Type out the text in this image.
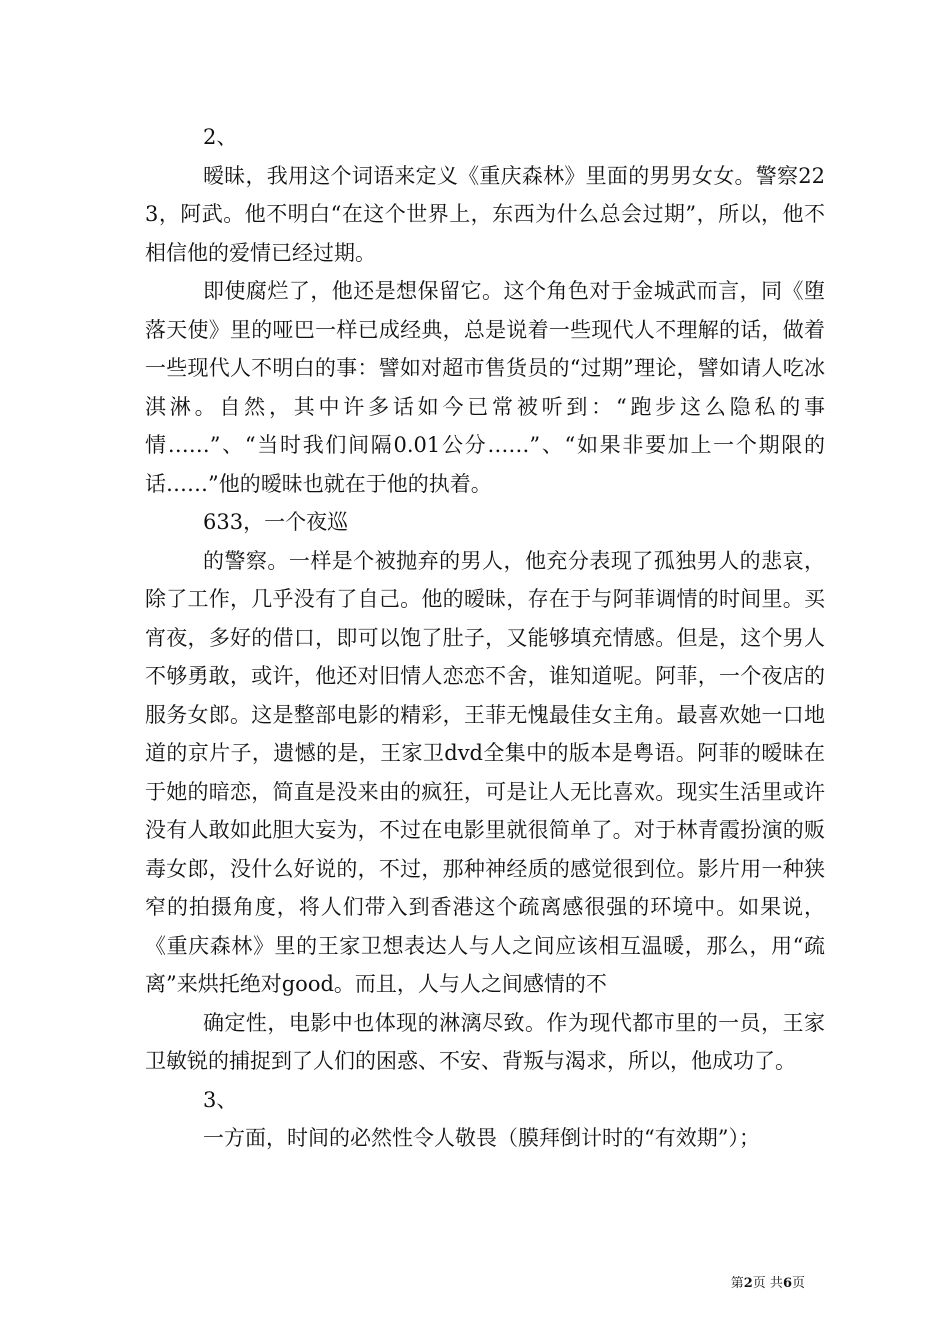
2、

暧昧，我用这个词语来定义《重庆森林》里面的男男女女。警察223，阿武。他不明白“在这个世界上，东西为什么总会过期”，所以，他不相信他的爱情已经过期。

即使腐烂了，他还是想保留它。这个角色对于金城武而言，同《堕落天使》里的哑巴一样已成经典，总是说着一些现代人不理解的话，做着一些现代人不明白的事：譬如对超市售货员的“过期”理论，譬如请人吃冰淇淋。自然，其中许多话如今已常被听到：“跑步这么隐私的事情……”、“当时我们间隔0.01公分……”、“如果非要加上一个期限的话……”他的暧昧也就在于他的执着。

633，一个夜巡

的警察。一样是个被抛弃的男人，他充分表现了孤独男人的悲哀，除了工作，几乎没有了自己。他的暧昧，存在于与阿菲调情的时间里。买宵夜，多好的借口，即可以饱了肚子，又能够填充情感。但是，这个男人不够勇敢，或许，他还对旧情人恋恋不舍，谁知道呢。阿菲，一个夜店的服务女郎。这是整部电影的精彩，王菲无愧最佳女主角。最喜欢她一口地道的京片子，遗憾的是，王家卫dvd全集中的版本是粤语。阿菲的暧昧在于她的暗恋，简直是没来由的疯狂，可是让人无比喜欢。现实生活里或许没有人敢如此胆大妄为，不过在电影里就很简单了。对于林青霞扮演的贩毒女郎，没什么好说的，不过，那种神经质的感觉很到位。影片用一种狭窄的拍摄角度，将人们带入到香港这个疏离感很强的环境中。如果说，《重庆森林》里的王家卫想表达人与人之间应该相互温暖，那么，用“疏离”来烘托绝对good。而且，人与人之间感情的不

确定性，电影中也体现的淋漓尽致。作为现代都市里的一员，王家卫敏锐的捕捉到了人们的困惑、不安、背叛与渴求，所以，他成功了。

3、

一方面，时间的必然性令人敬畏（膜拜倒计时的“有效期”）；

第2页 共6页
